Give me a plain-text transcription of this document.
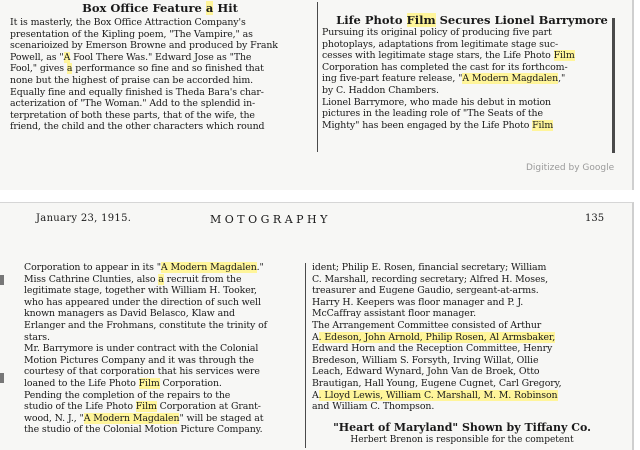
Box Office Feature a Hit

It is masterly, the Box Office Attraction Company's

presentation of the Kipling poem, "The Vampire," as

scenarioized by Emerson Browne and produced by Frank

Powell, as "A Fool There Was." Edward Jose as "The

Fool," gives a performance so fine and so finished that

none but the highest of praise can be accorded him.

Equally fine and equally finished is Theda Bara's char-

acterization of "The Woman." Add to the splendid in-

terpretation of both these parts, that of the wife, the

friend, the child and the other characters which round

Life Photo Film Secures Lionel Barrymore

Pursuing its original policy of producing five part

photoplays, adaptations from legitimate stage suc-

cesses with legitimate stage stars, the Life Photo Film

Corporation has completed the cast for its forthcom-

ing five-part feature release, "A Modern Magdalen,"

by C. Haddon Chambers.

Lionel Barrymore, who made his debut in motion

pictures in the leading role of "The Seats of the

Mighty" has been engaged by the Life Photo Film

Digitized by Google
January 23, 1915.	MOTOGRAPHY	135

Corporation to appear in its "A Modern Magdalen."

Miss Cathrine Clunties, also a recruit from the

legitimate stage, together with William H. Tooker,

who has appeared under the direction of such well

known managers as David Belasco, Klaw and

Erlanger and the Frohmans, constitute the trinity of

stars.

Mr. Barrymore is under contract with the Colonial

Motion Pictures Company and it was through the

courtesy of that corporation that his services were

loaned to the Life Photo Film Corporation.

Pending the completion of the repairs to the

studio of the Life Photo Film Corporation at Grant-

wood, N. J., "A Modern Magdalen" will be staged at

the studio of the Colonial Motion Picture Company.

ident; Philip E. Rosen, financial secretary; William

C. Marshall, recording secretary; Alfred H. Moses,

treasurer and Eugene Gaudio, sergeant-at-arms.

Harry H. Keepers was floor manager and P. J.

McCaffray assistant floor manager.

The Arrangement Committee consisted of Arthur

A. Edeson, John Arnold, Philip Rosen, Al Armsbaker,

Edward Horn and the Reception Committee, Henry

Bredeson, William S. Forsyth, Irving Willat, Ollie

Leach, Edward Wynard, John Van de Broek, Otto

Brautigan, Hall Young, Eugene Cugnet, Carl Gregory,

A. Lloyd Lewis, William C. Marshall, M. M. Robinson

and William C. Thompson.

"Heart of Maryland" Shown by Tiffany Co.

Herbert Brenon is responsible for the competent
